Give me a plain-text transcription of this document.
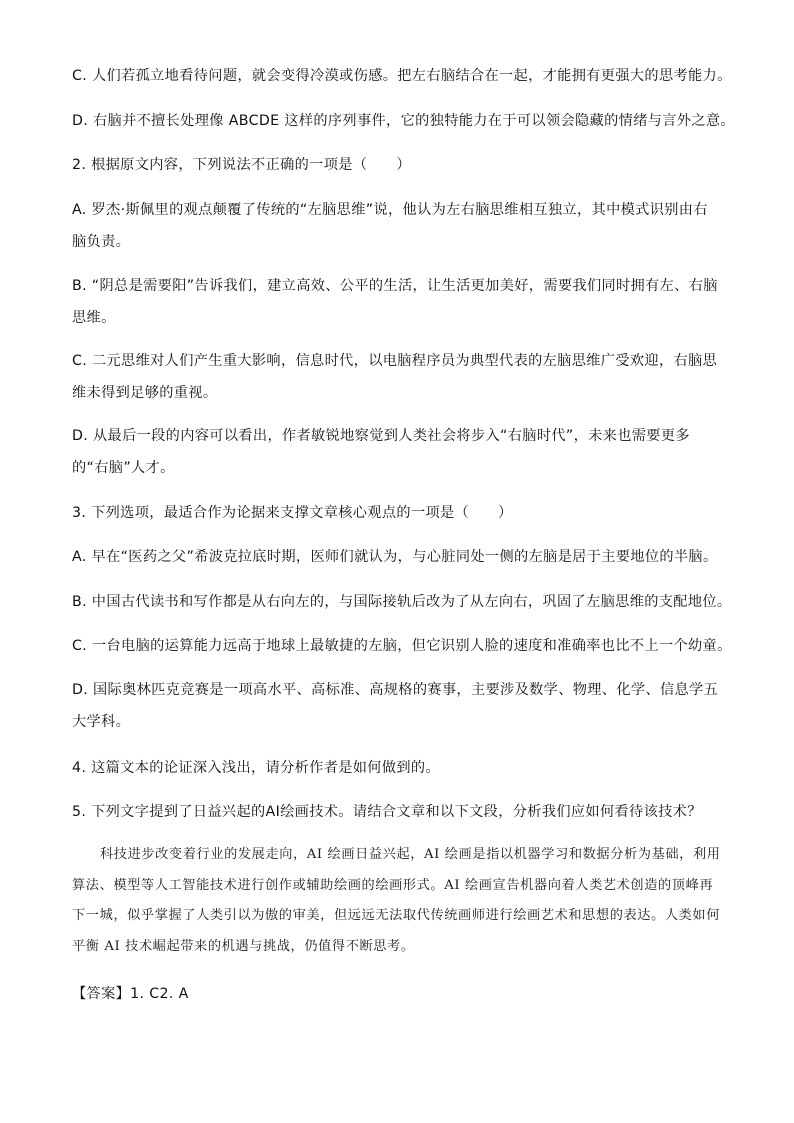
C. 人们若孤立地看待问题，就会变得冷漠或伤感。把左右脑结合在一起，才能拥有更强大的思考能力。
D. 右脑并不擅长处理像 ABCDE 这样的序列事件，它的独特能力在于可以领会隐藏的情绪与言外之意。
2. 根据原文内容，下列说法不正确的一项是（　　）
A. 罗杰·斯佩里的观点颠覆了传统的“左脑思维”说，他认为左右脑思维相互独立，其中模式识别由右脑负责。
B. “阴总是需要阳”告诉我们，建立高效、公平的生活，让生活更加美好，需要我们同时拥有左、右脑思维。
C. 二元思维对人们产生重大影响，信息时代，以电脑程序员为典型代表的左脑思维广受欢迎，右脑思维未得到足够的重视。
D. 从最后一段的内容可以看出，作者敏锐地察觉到人类社会将步入“右脑时代”，未来也需要更多的“右脑”人才。
3. 下列选项，最适合作为论据来支撑文章核心观点的一项是（　　）
A. 早在“医药之父”希波克拉底时期，医师们就认为，与心脏同处一侧的左脑是居于主要地位的半脑。
B. 中国古代读书和写作都是从右向左的，与国际接轨后改为了从左向右，巩固了左脑思维的支配地位。
C. 一台电脑的运算能力远高于地球上最敏捷的左脑，但它识别人脸的速度和准确率也比不上一个幼童。
D. 国际奥林匹克竞赛是一项高水平、高标准、高规格的赛事，主要涉及数学、物理、化学、信息学五大学科。
4. 这篇文本的论证深入浅出，请分析作者是如何做到的。
5. 下列文字提到了日益兴起的AI绘画技术。请结合文章和以下文段，分析我们应如何看待该技术？
科技进步改变着行业的发展走向，AI 绘画日益兴起，AI 绘画是指以机器学习和数据分析为基础，利用算法、模型等人工智能技术进行创作或辅助绘画的绘画形式。AI 绘画宣告机器向着人类艺术创造的顶峰再下一城，似乎掌握了人类引以为傲的审美，但远远无法取代传统画师进行绘画艺术和思想的表达。人类如何平衡 AI 技术崛起带来的机遇与挑战，仍值得不断思考。
【答案】1. C2. A
